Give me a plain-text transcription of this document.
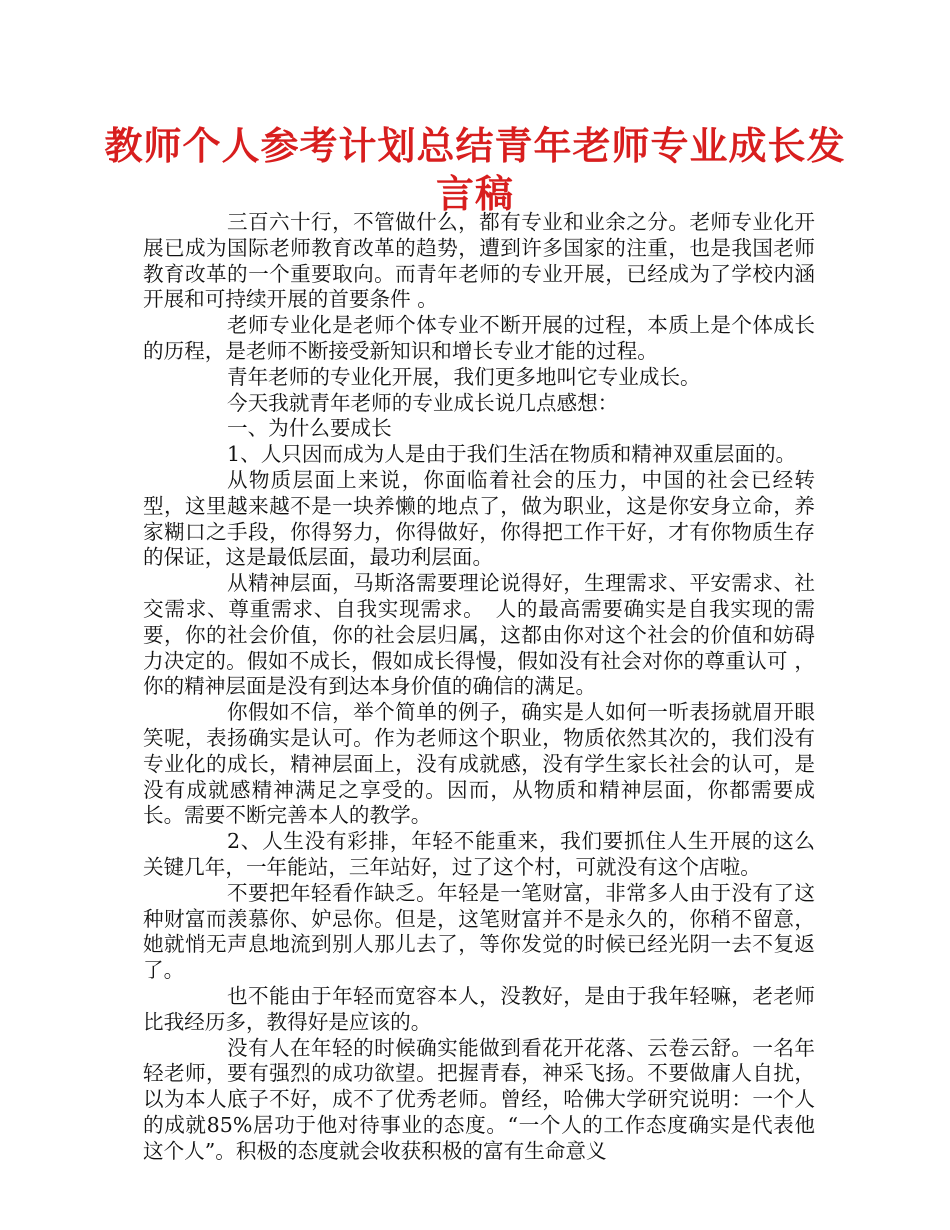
教师个人参考计划总结青年老师专业成长发言稿

三百六十行，不管做什么，都有专业和业余之分。老师专业化开展已成为国际老师教育改革的趋势，遭到许多国家的注重，也是我国老师教育改革的一个重要取向。而青年老师的专业开展，已经成为了学校内涵开展和可持续开展的首要条件 。

老师专业化是老师个体专业不断开展的过程，本质上是个体成长的历程，是老师不断接受新知识和增长专业才能的过程。

青年老师的专业化开展，我们更多地叫它专业成长。

今天我就青年老师的专业成长说几点感想：

一、为什么要成长

1、人只因而成为人是由于我们生活在物质和精神双重层面的。

从物质层面上来说，你面临着社会的压力，中国的社会已经转型，这里越来越不是一块养懒的地点了，做为职业，这是你安身立命，养家糊口之手段，你得努力，你得做好，你得把工作干好，才有你物质生存的保证，这是最低层面，最功利层面。

从精神层面，马斯洛需要理论说得好，生理需求、平安需求、社交需求、尊重需求、自我实现需求。　人的最高需要确实是自我实现的需要，你的社会价值，你的社会层归属，这都由你对这个社会的价值和妨碍力决定的。假如不成长，假如成长得慢，假如没有社会对你的尊重认可 ，你的精神层面是没有到达本身价值的确信的满足。

你假如不信，举个简单的例子，确实是人如何一听表扬就眉开眼笑呢，表扬确实是认可。作为老师这个职业，物质依然其次的，我们没有专业化的成长，精神层面上，没有成就感，没有学生家长社会的认可，是没有成就感精神满足之享受的。因而，从物质和精神层面，你都需要成长。需要不断完善本人的教学。

2、人生没有彩排，年轻不能重来，我们要抓住人生开展的这么关键几年，一年能站，三年站好，过了这个村，可就没有这个店啦。

不要把年轻看作缺乏。年轻是一笔财富，非常多人由于没有了这种财富而羡慕你、妒忌你。但是，这笔财富并不是永久的，你稍不留意，她就悄无声息地流到别人那儿去了，等你发觉的时候已经光阴一去不复返了。

也不能由于年轻而宽容本人，没教好，是由于我年轻嘛，老老师比我经历多，教得好是应该的。

没有人在年轻的时候确实能做到看花开花落、云卷云舒。一名年轻老师，要有强烈的成功欲望。把握青春，神采飞扬。不要做庸人自扰，以为本人底子不好，成不了优秀老师。曾经，哈佛大学研究说明：一个人的成就85%居功于他对待事业的态度。“一个人的工作态度确实是代表他这个人”。积极的态度就会收获积极的富有生命意义
